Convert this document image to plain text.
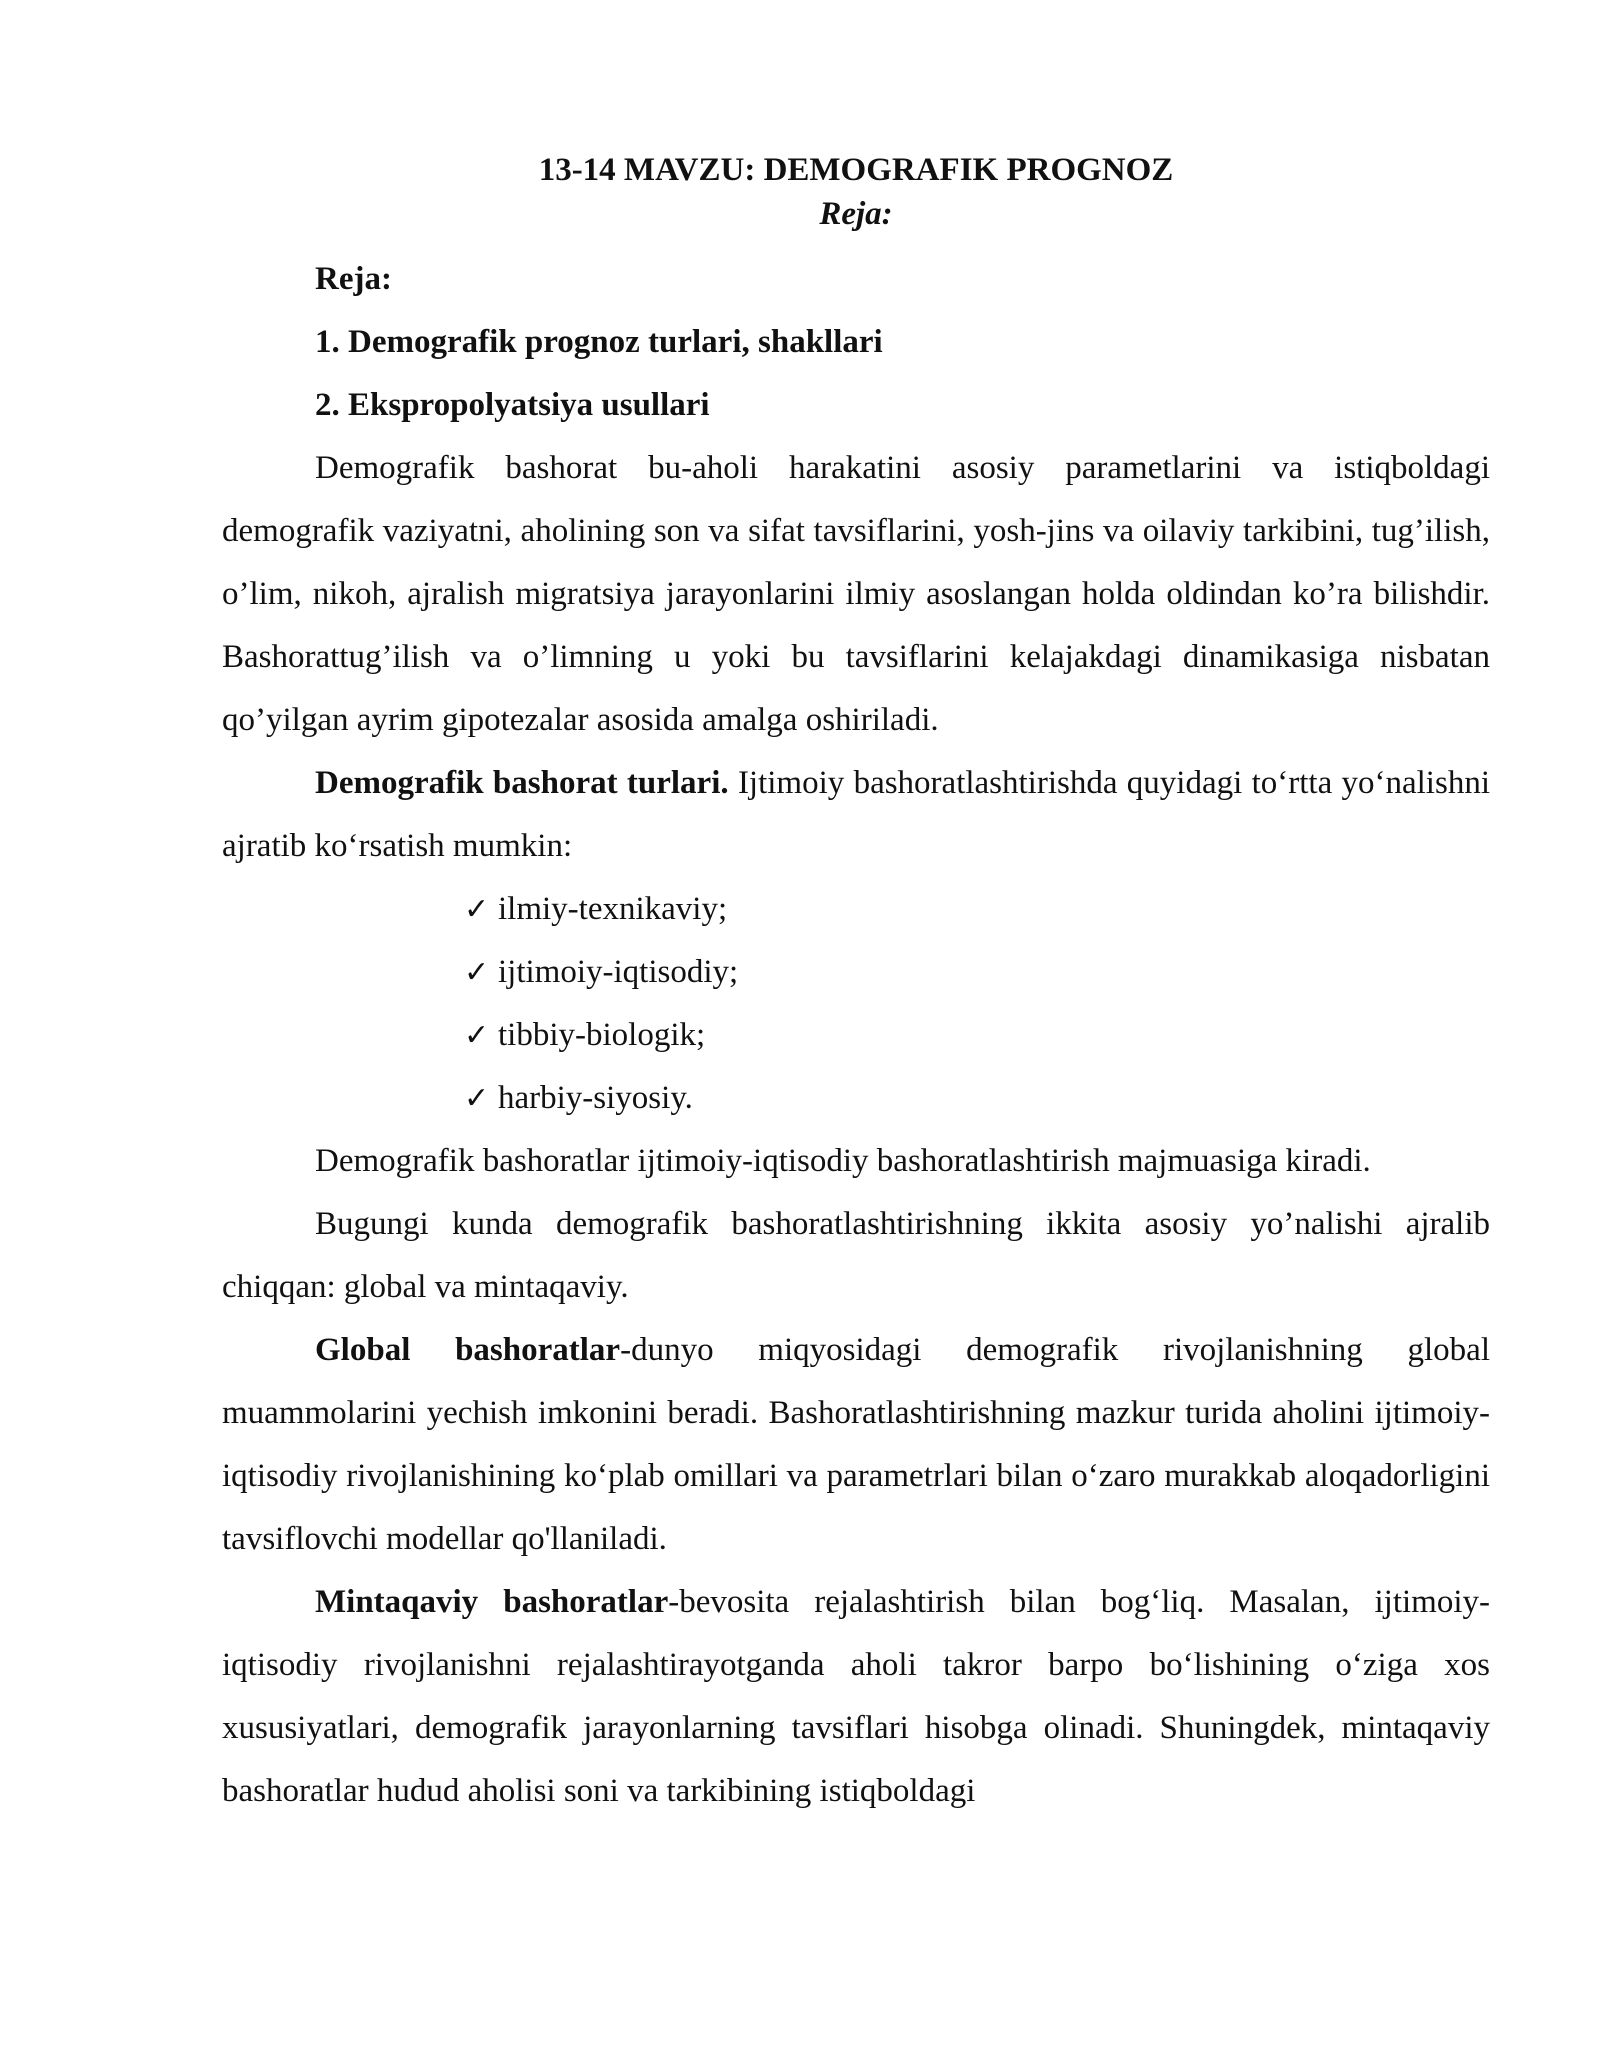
13-14 MAVZU: DEMOGRAFIK PROGNOZ

Reja:

Reja:

1. Demografik prognoz turlari, shakllari

2. Ekspropolyatsiya usullari

Demografik bashorat bu-aholi harakatini asosiy parametlarini va istiqboldagi demografik vaziyatni, aholining son va sifat tavsiflarini, yosh-jins va oilaviy tarkibini, tug’ilish, o’lim, nikoh, ajralish migratsiya jarayonlarini ilmiy asoslangan holda oldindan ko’ra bilishdir. Bashorattug’ilish va o’limning u yoki bu tavsiflarini kelajakdagi dinamikasiga nisbatan qo’yilgan ayrim gipotezalar asosida amalga oshiriladi.

Demografik bashorat turlari. Ijtimoiy bashoratlashtirishda quyidagi to‘rtta yo‘nalishni ajratib ko‘rsatish mumkin:

✓ ilmiy-texnikaviy;
✓ ijtimoiy-iqtisodiy;
✓ tibbiy-biologik;
✓ harbiy-siyosiy.

Demografik bashoratlar ijtimoiy-iqtisodiy bashoratlashtirish majmuasiga kiradi.

Bugungi kunda demografik bashoratlashtirishning ikkita asosiy yo’nalishi ajralib chiqqan: global va mintaqaviy.

Global bashoratlar-dunyo miqyosidagi demografik rivojlanishning global muammolarini yechish imkonini beradi. Bashoratlashtirishning mazkur turida aholini ijtimoiy-iqtisodiy rivojlanishining ko‘plab omillari va parametrlari bilan o‘zaro murakkab aloqadorligini tavsiflovchi modellar qo'llaniladi.

Mintaqaviy bashoratlar-bevosita rejalashtirish bilan bog‘liq. Masalan, ijtimoiy-iqtisodiy rivojlanishni rejalashtirayotganda aholi takror barpo bo‘lishining o‘ziga xos xususiyatlari, demografik jarayonlarning tavsiflari hisobga olinadi. Shuningdek, mintaqaviy bashoratlar hudud aholisi soni va tarkibining istiqboldagi
